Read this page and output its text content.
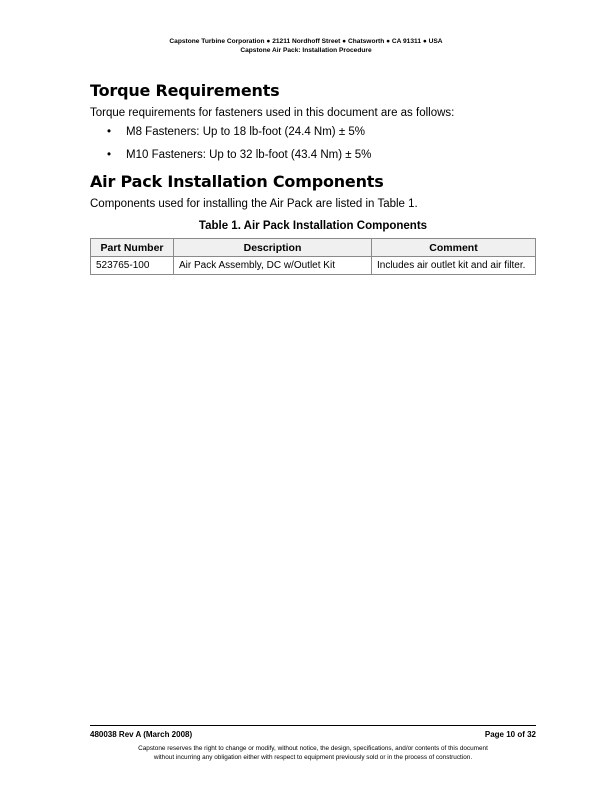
Capstone Turbine Corporation ● 21211 Nordhoff Street ● Chatsworth ● CA 91311 ● USA
Capstone Air Pack: Installation Procedure
Torque Requirements

Torque requirements for fasteners used in this document are as follows:

•	M8 Fasteners: Up to 18 lb-foot (24.4 Nm) ± 5%
•	M10 Fasteners: Up to 32 lb-foot (43.4 Nm) ± 5%
Air Pack Installation Components

Components used for installing the Air Pack are listed in Table 1.

Table 1. Air Pack Installation Components
Part Number	Description	Comment
523765-100	Air Pack Assembly, DC w/Outlet Kit	Includes air outlet kit and air filter.
480038 Rev A (March 2008)	Page 10 of 32
Capstone reserves the right to change or modify, without notice, the design, specifications, and/or contents of this document
without incurring any obligation either with respect to equipment previously sold or in the process of construction.
